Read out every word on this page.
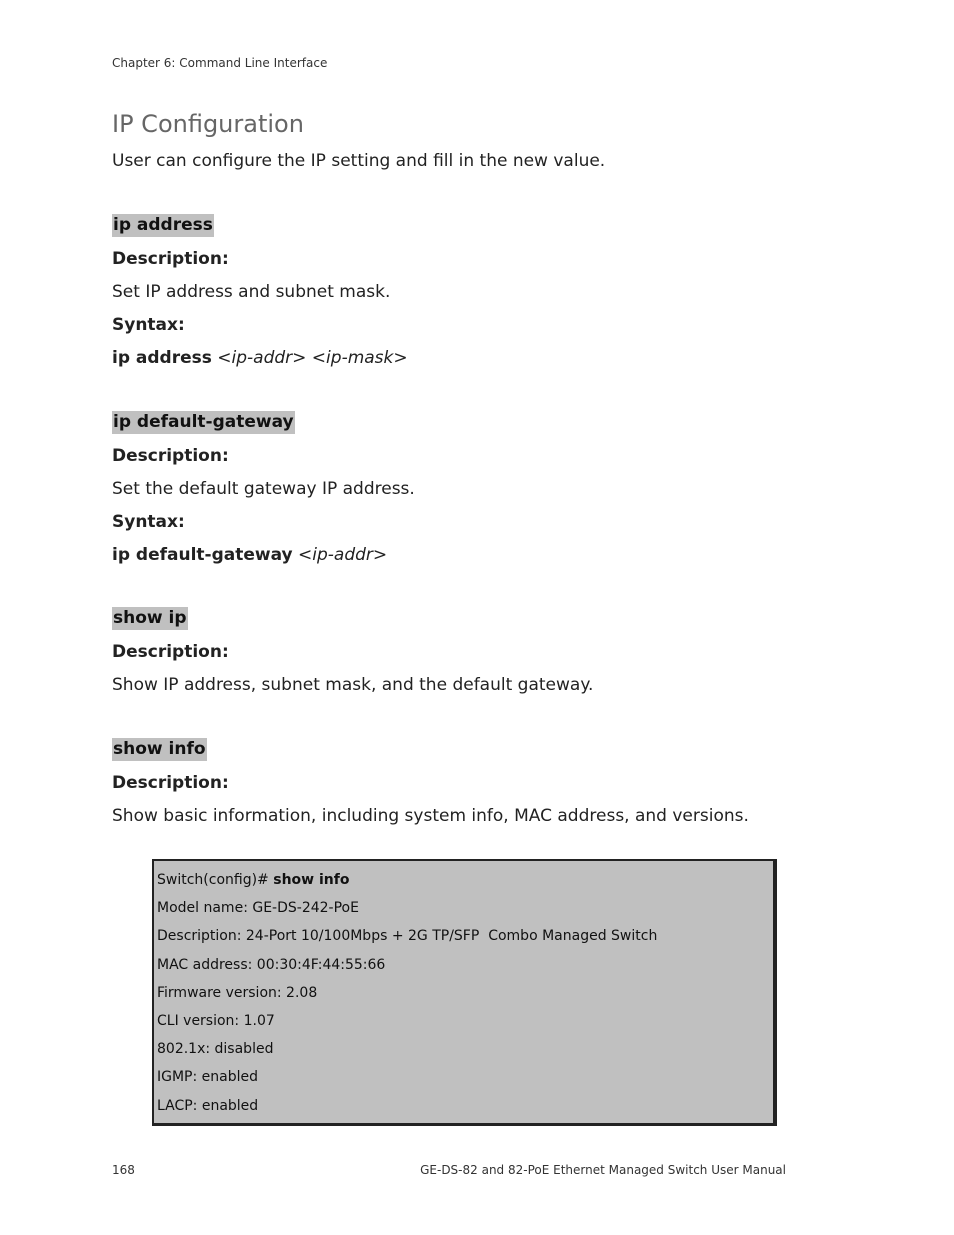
Chapter 6: Command Line Interface
IP Configuration
User can configure the IP setting and fill in the new value.
ip address
Description:
Set IP address and subnet mask.
Syntax:
ip address <ip-addr> <ip-mask>
ip default-gateway
Description:
Set the default gateway IP address.
Syntax:
ip default-gateway <ip-addr>
show ip
Description:
Show IP address, subnet mask, and the default gateway.
show info
Description:
Show basic information, including system info, MAC address, and versions.
Switch(config)# show info
Model name: GE-DS-242-PoE
Description: 24-Port 10/100Mbps + 2G TP/SFP  Combo Managed Switch
MAC address: 00:30:4F:44:55:66
Firmware version: 2.08
CLI version: 1.07
802.1x: disabled
IGMP: enabled
LACP: enabled
168	GE-DS-82 and 82-PoE Ethernet Managed Switch User Manual
